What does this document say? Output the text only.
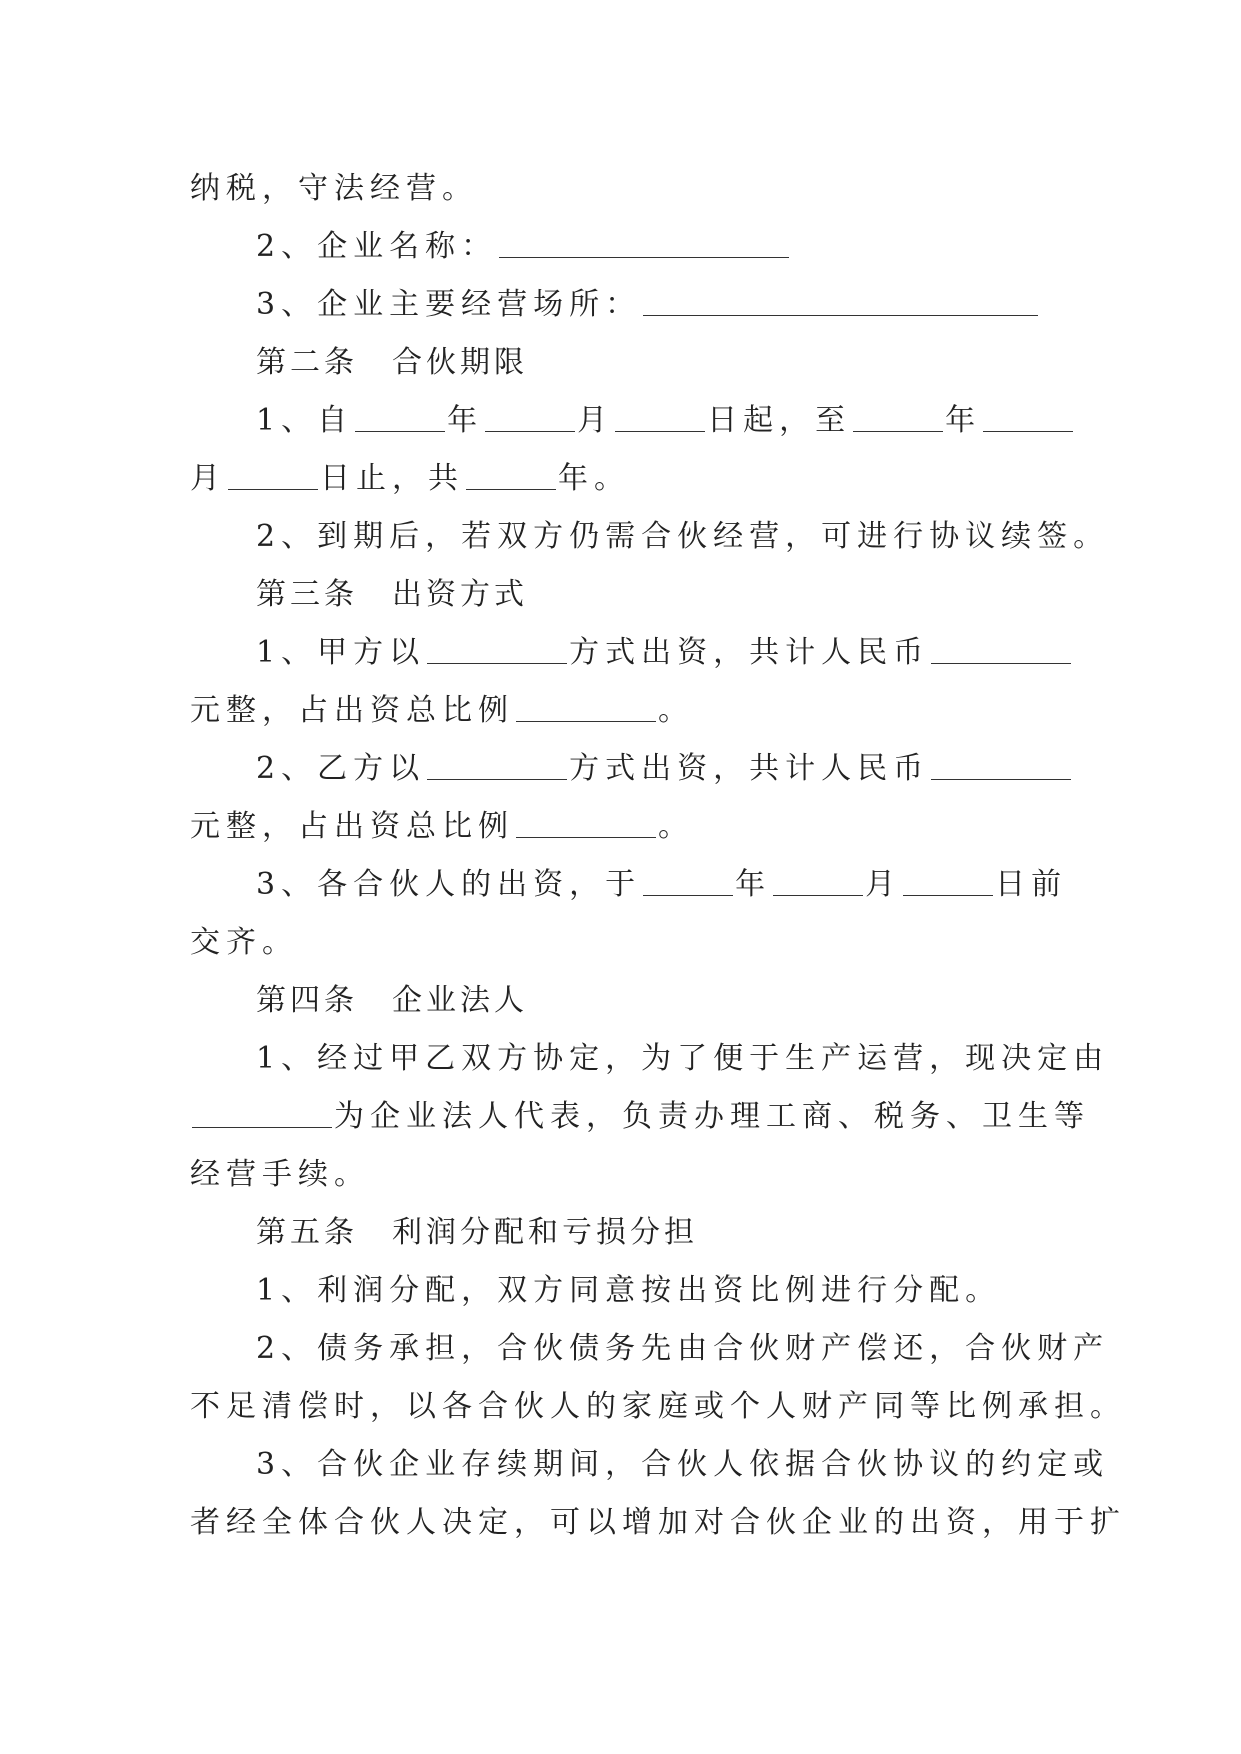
纳税，守法经营。
2、企业名称：
3、企业主要经营场所：
第二条　合伙期限
1、自	年	月	日起，至	年
月	日止，共	年。
2、到期后，若双方仍需合伙经营，可进行协议续签。
第三条　出资方式
1、甲方以	方式出资，共计人民币
元整，占出资总比例	。
2、乙方以	方式出资，共计人民币
元整，占出资总比例	。
3、各合伙人的出资，于	年	月	日前
交齐。
第四条　企业法人
1、经过甲乙双方协定，为了便于生产运营，现决定由
为企业法人代表，负责办理工商、税务、卫生等
经营手续。
第五条　利润分配和亏损分担
1、利润分配，双方同意按出资比例进行分配。
2、债务承担，合伙债务先由合伙财产偿还，合伙财产
不足清偿时，以各合伙人的家庭或个人财产同等比例承担。
3、合伙企业存续期间，合伙人依据合伙协议的约定或
者经全体合伙人决定，可以增加对合伙企业的出资，用于扩
